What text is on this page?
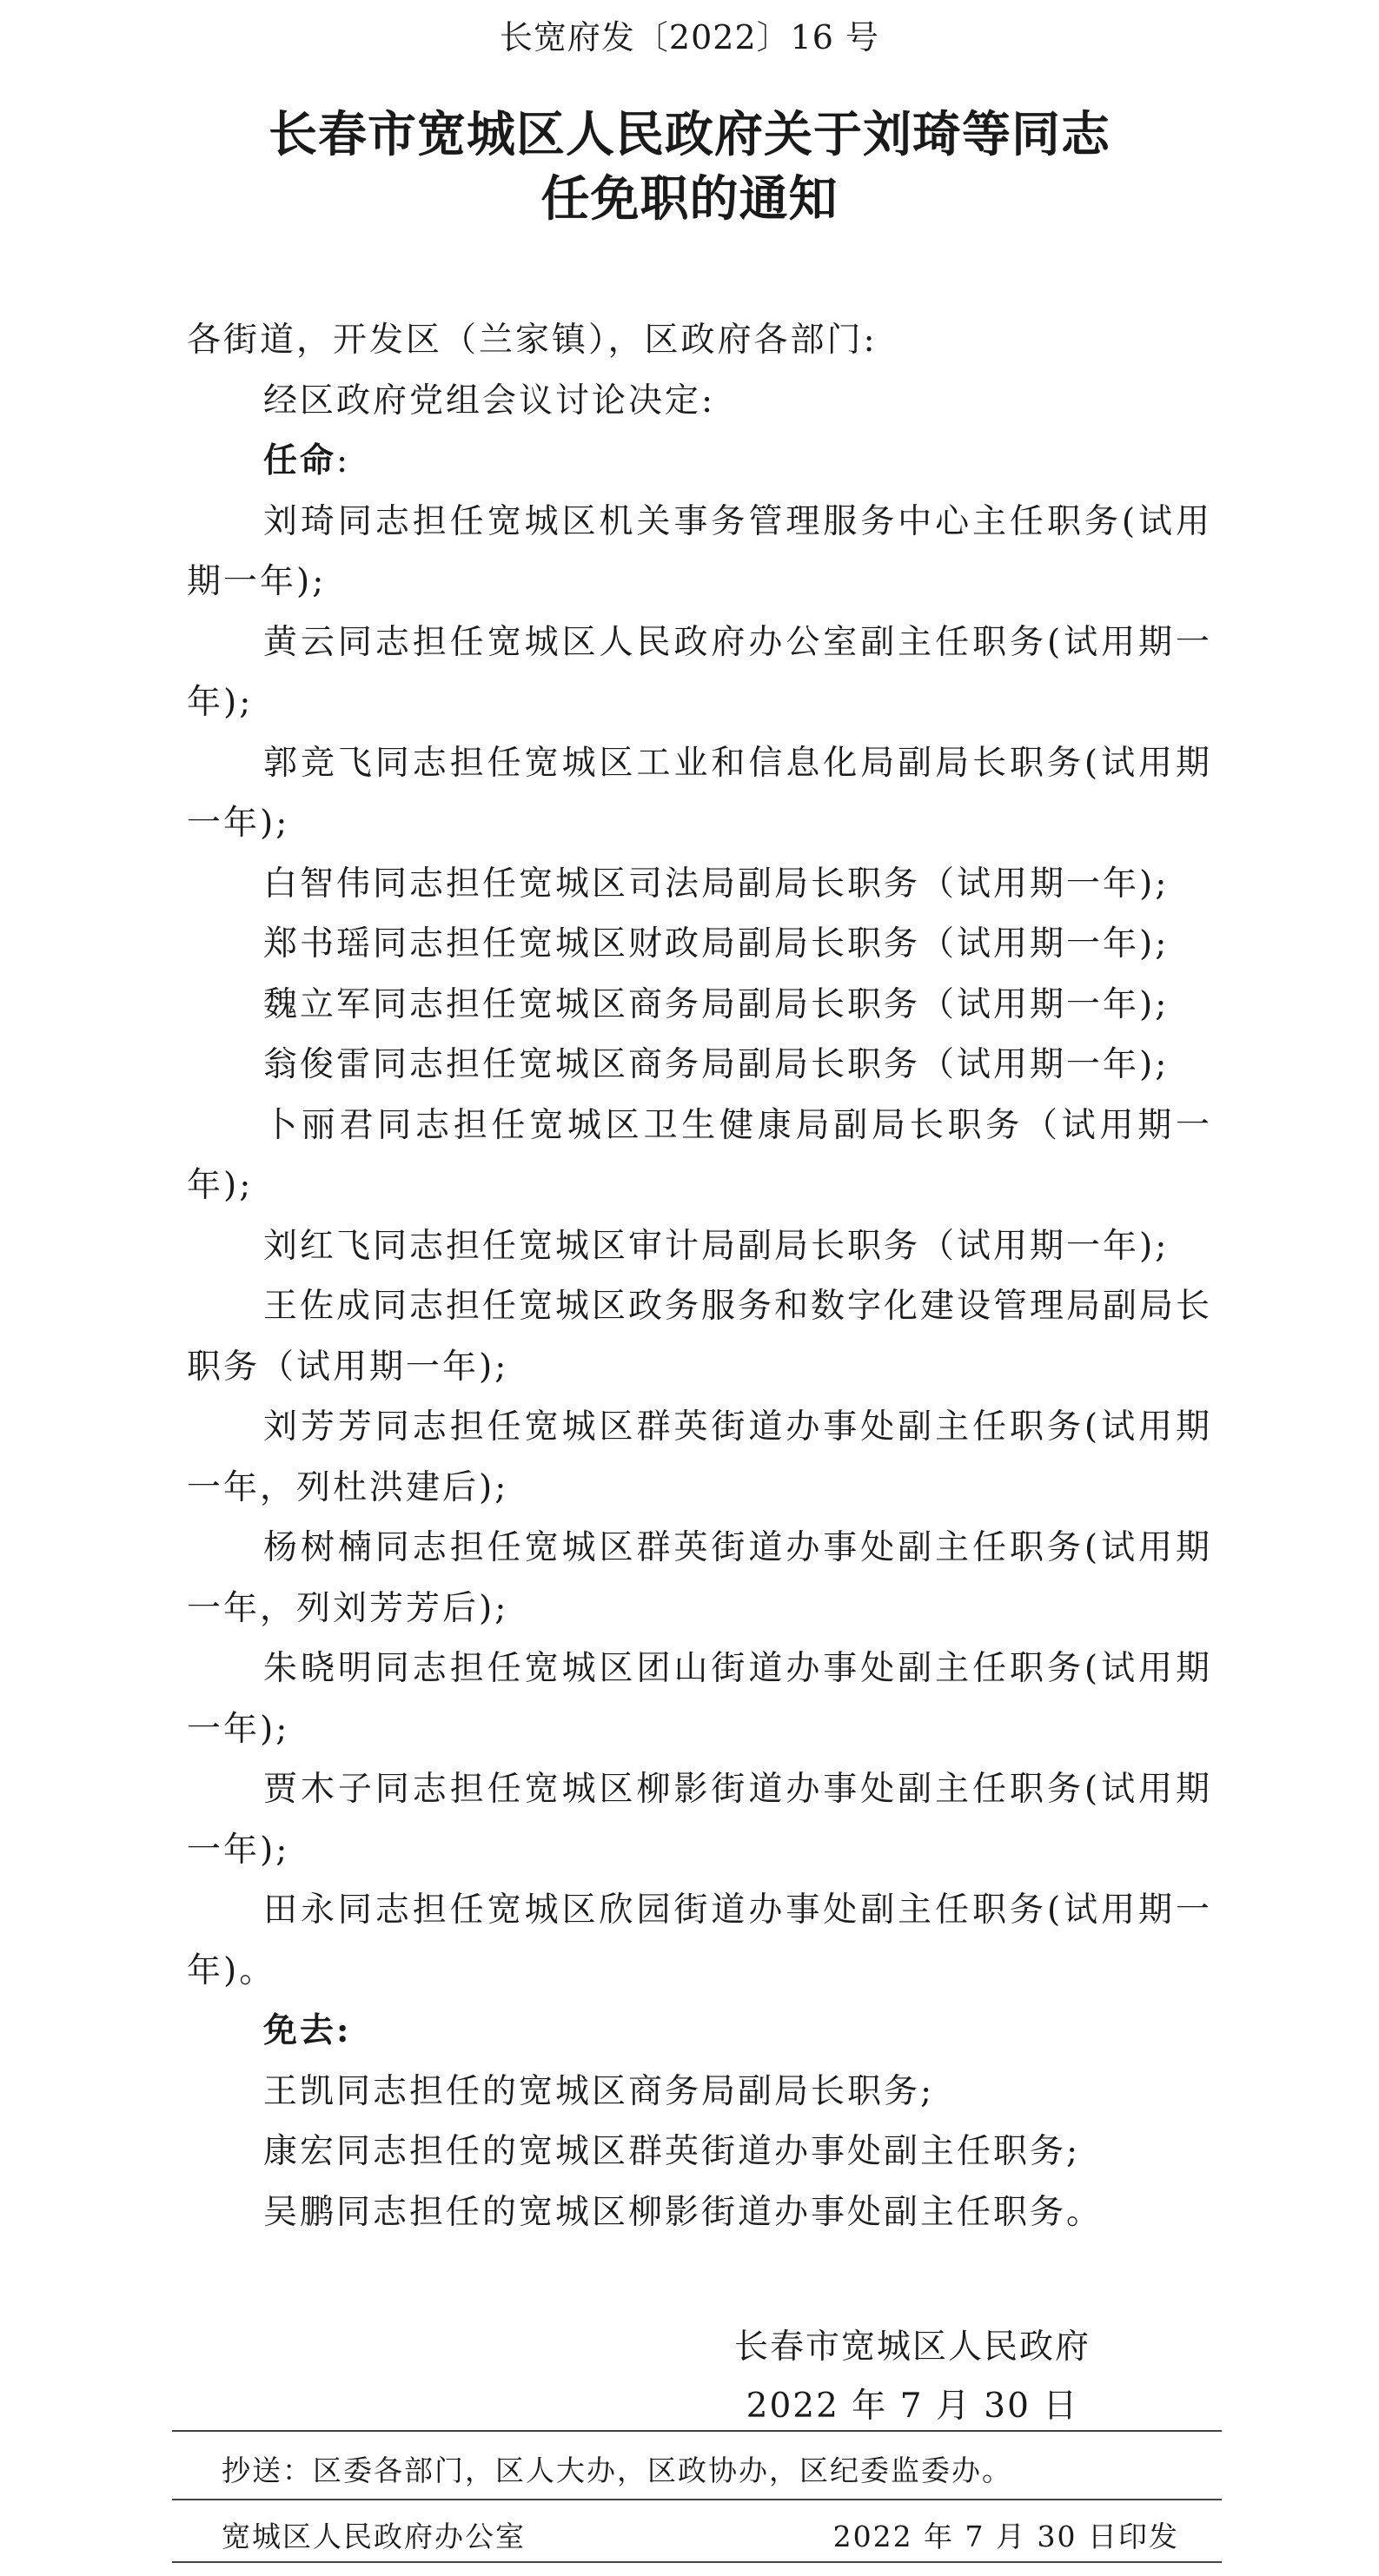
长宽府发〔2022〕16 号
长春市宽城区人民政府关于刘琦等同志
任免职的通知

各街道，开发区（兰家镇），区政府各部门:

经区政府党组会议讨论决定:

任命:

刘琦同志担任宽城区机关事务管理服务中心主任职务(试用期一年);

黄云同志担任宽城区人民政府办公室副主任职务(试用期一年);

郭竞飞同志担任宽城区工业和信息化局副局长职务(试用期一年);

白智伟同志担任宽城区司法局副局长职务（试用期一年);

郑书瑶同志担任宽城区财政局副局长职务（试用期一年);

魏立军同志担任宽城区商务局副局长职务（试用期一年);

翁俊雷同志担任宽城区商务局副局长职务（试用期一年);

卜丽君同志担任宽城区卫生健康局副局长职务（试用期一年);

刘红飞同志担任宽城区审计局副局长职务（试用期一年);

王佐成同志担任宽城区政务服务和数字化建设管理局副局长职务（试用期一年);

刘芳芳同志担任宽城区群英街道办事处副主任职务(试用期一年，列杜洪建后);

杨树楠同志担任宽城区群英街道办事处副主任职务(试用期一年，列刘芳芳后);

朱晓明同志担任宽城区团山街道办事处副主任职务(试用期一年);

贾木子同志担任宽城区柳影街道办事处副主任职务(试用期一年);

田永同志担任宽城区欣园街道办事处副主任职务(试用期一年)。

免去:

王凯同志担任的宽城区商务局副局长职务;

康宏同志担任的宽城区群英街道办事处副主任职务;

吴鹏同志担任的宽城区柳影街道办事处副主任职务。

长春市宽城区人民政府
2022 年 7 月 30 日
抄送：区委各部门，区人大办，区政协办，区纪委监委办。
宽城区人民政府办公室	2022 年 7 月 30 日印发
